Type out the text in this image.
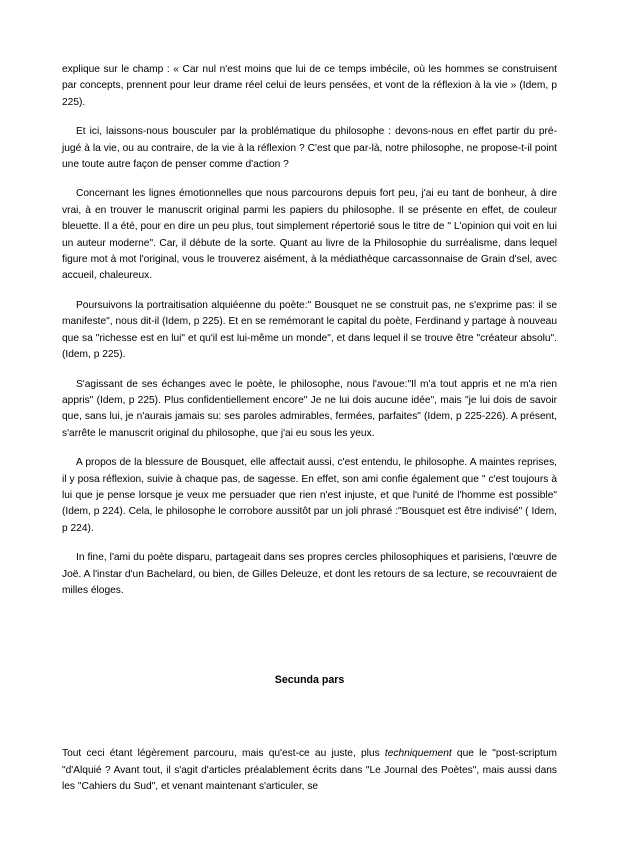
explique sur le champ : « Car nul n'est moins que lui de ce temps imbécile, où les hommes se construisent par concepts, prennent pour leur drame réel celui de leurs pensées, et vont de la réflexion à la vie » (Idem, p 225).

Et ici, laissons-nous bousculer par la problématique du philosophe : devons-nous en effet partir du pré-jugé à la vie, ou au contraire, de la vie à la réflexion ? C'est que par-là, notre philosophe, ne propose-t-il point une toute autre façon de penser comme d'action ?

Concernant les lignes émotionnelles que nous parcourons depuis fort peu, j'ai eu tant de bonheur, à dire vrai, à en trouver le manuscrit original parmi les papiers du philosophe. Il se présente en effet, de couleur bleuette. Il a été, pour en dire un peu plus, tout simplement répertorié sous le titre de " L'opinion qui voit en lui un auteur moderne". Car, il débute de la sorte. Quant au livre de la Philosophie du surréalisme, dans lequel figure mot à mot l'original, vous le trouverez aisément, à la médiathèque carcassonnaise de Grain d'sel, avec accueil, chaleureux.

Poursuivons la portraitisation alquiéenne du poète:" Bousquet ne se construit pas, ne s'exprime pas: il se manifeste", nous dit-il (Idem, p 225). Et en se remémorant le capital du poète, Ferdinand y partage à nouveau que sa "richesse est en lui" et qu'il est lui-même un monde", et dans lequel il se trouve être "créateur absolu". (Idem, p 225).

S'agissant de ses échanges avec le poète, le philosophe, nous l'avoue:"Il m'a tout appris et ne m'a rien appris" (Idem, p 225). Plus confidentiellement encore" Je ne lui dois aucune idée", mais "je lui dois de savoir que, sans lui, je n'aurais jamais su: ses paroles admirables, fermées, parfaites" (Idem, p 225-226). A présent, s'arrête le manuscrit original du philosophe, que j'ai eu sous les yeux.

A propos de la blessure de Bousquet, elle affectait aussi, c'est entendu, le philosophe. A maintes reprises, il y posa réflexion, suivie à chaque pas, de sagesse. En effet, son ami confie également que " c'est toujours à lui que je pense lorsque je veux me persuader que rien n'est injuste, et que l'unité de l'homme est possible" (Idem, p 224). Cela, le philosophe le corrobore aussitôt par un joli phrasé :"Bousquet est être indivisé" ( Idem, p 224).

In fine, l'ami du poète disparu, partageait dans ses propres cercles philosophiques et parisiens, l'œuvre de Joë. A l'instar d'un Bachelard, ou bien, de Gilles Deleuze, et dont les retours de sa lecture, se recouvraient de milles éloges.

Secunda pars

Tout ceci étant légèrement parcouru, mais qu'est-ce au juste, plus techniquement que le "post-scriptum "d'Alquié ? Avant tout, il s'agit d'articles préalablement écrits dans "Le Journal des Poètes", mais aussi dans les "Cahiers du Sud", et venant maintenant s'articuler, se
